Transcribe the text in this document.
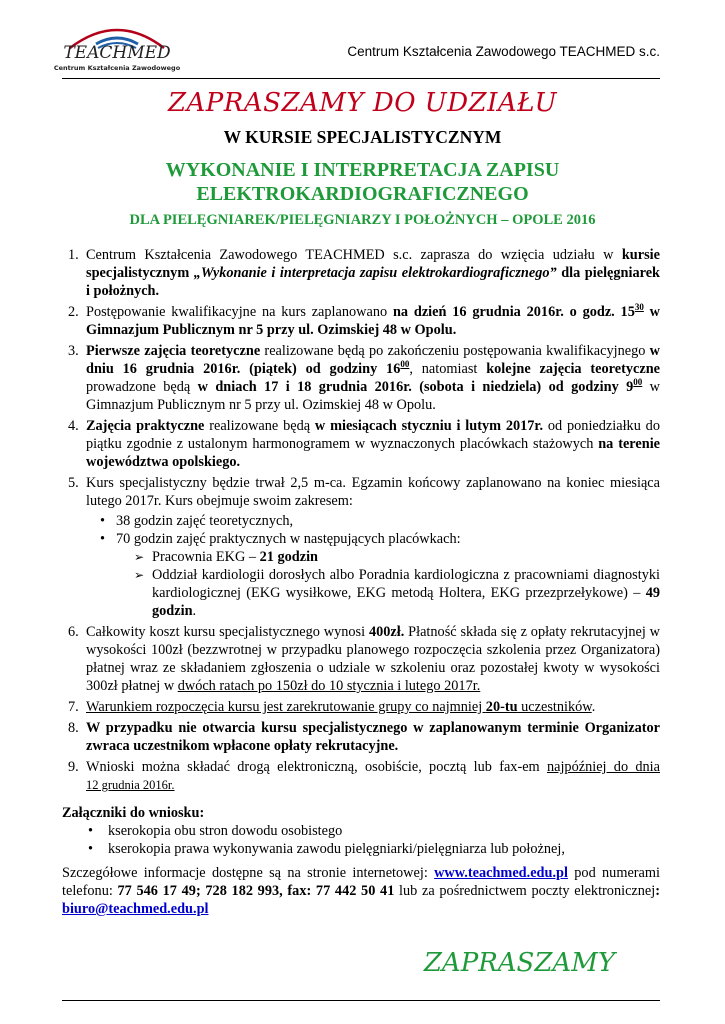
TEACHMED
Centrum Kształcenia Zawodowego
Centrum Kształcenia Zawodowego TEACHMED s.c.
ZAPRASZAMY DO UDZIAŁU
W KURSIE SPECJALISTYCZNYM
WYKONANIE I INTERPRETACJA ZAPISU
ELEKTROKARDIOGRAFICZNEGO
DLA PIELĘGNIAREK/PIELĘGNIARZY I POŁOŻNYCH – OPOLE 2016
1. Centrum Kształcenia Zawodowego TEACHMED s.c. zaprasza do wzięcia udziału w kursie specjalistycznym „Wykonanie i interpretacja zapisu elektrokardiograficznego” dla pielęgniarek i położnych.
2. Postępowanie kwalifikacyjne na kurs zaplanowano na dzień 16 grudnia 2016r. o godz. $15^{30}$ w Gimnazjum Publicznym nr 5 przy ul. Ozimskiej 48 w Opolu.
3. Pierwsze zajęcia teoretyczne realizowane będą po zakończeniu postępowania kwalifikacyjnego w dniu 16 grudnia 2016r. (piątek) od godziny $16^{00}$, natomiast kolejne zajęcia teoretyczne prowadzone będą w dniach 17 i 18 grudnia 2016r. (sobota i niedziela) od godziny $9^{00}$ w Gimnazjum Publicznym nr 5 przy ul. Ozimskiej 48 w Opolu.
4. Zajęcia praktyczne realizowane będą w miesiącach styczniu i lutym 2017r. od poniedziałku do piątku zgodnie z ustalonym harmonogramem w wyznaczonych placówkach stażowych na terenie województwa opolskiego.
5. Kurs specjalistyczny będzie trwał 2,5 m-ca. Egzamin końcowy zaplanowano na koniec miesiąca lutego 2017r. Kurs obejmuje swoim zakresem:
• 38 godzin zajęć teoretycznych,
• 70 godzin zajęć praktycznych w następujących placówkach:
➢ Pracownia EKG – 21 godzin
➢ Oddział kardiologii dorosłych albo Poradnia kardiologiczna z pracowniami diagnostyki kardiologicznej (EKG wysiłkowe, EKG metodą Holtera, EKG przezprzełykowe) – 49 godzin.
6. Całkowity koszt kursu specjalistycznego wynosi 400zł. Płatność składa się z opłaty rekrutacyjnej w wysokości 100zł (bezzwrotnej w przypadku planowego rozpoczęcia szkolenia przez Organizatora) płatnej wraz ze składaniem zgłoszenia o udziale w szkoleniu oraz pozostałej kwoty w wysokości 300zł płatnej w dwóch ratach po 150zł do 10 stycznia i lutego 2017r.
7. Warunkiem rozpoczęcia kursu jest zarekrutowanie grupy co najmniej 20-tu uczestników.
8. W przypadku nie otwarcia kursu specjalistycznego w zaplanowanym terminie Organizator zwraca uczestnikom wpłacone opłaty rekrutacyjne.
9. Wnioski można składać drogą elektroniczną, osobiście, pocztą lub fax-em najpóźniej do dnia
12 grudnia 2016r.
Załączniki do wniosku:
• kserokopia obu stron dowodu osobistego
• kserokopia prawa wykonywania zawodu pielęgniarki/pielęgniarza lub położnej,
Szczegółowe informacje dostępne są na stronie internetowej: www.teachmed.edu.pl pod numerami telefonu: 77 546 17 49; 728 182 993, fax: 77 442 50 41 lub za pośrednictwem poczty elektronicznej: biuro@teachmed.edu.pl
ZAPRASZAMY
